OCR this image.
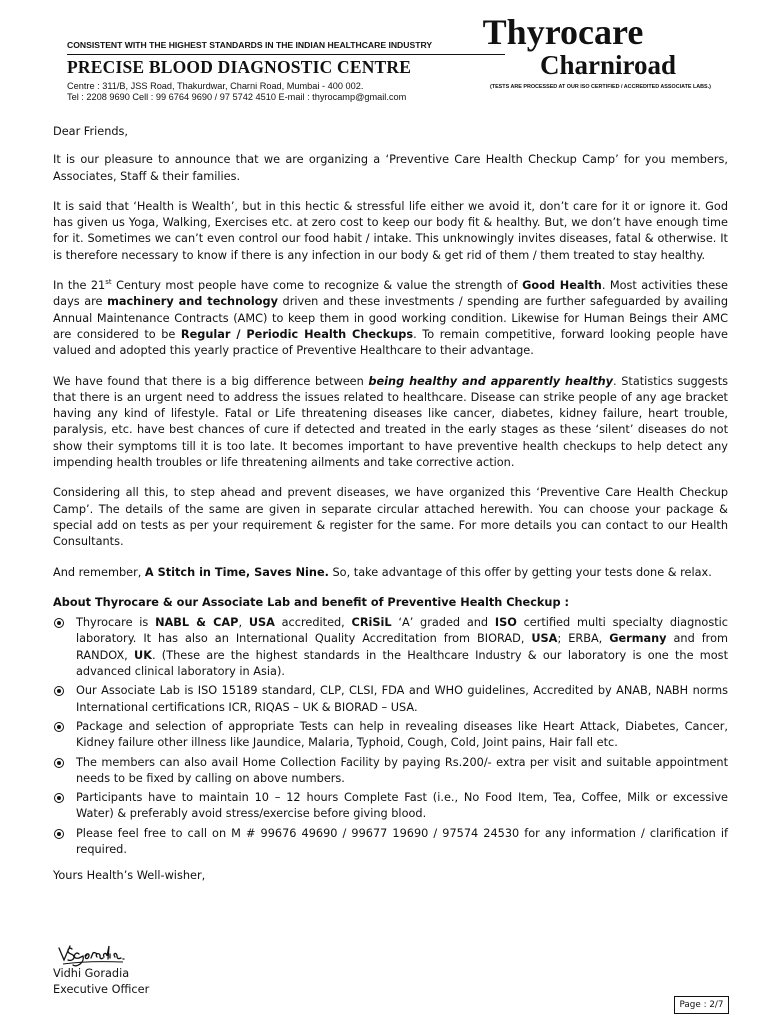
CONSISTENT WITH THE HIGHEST STANDARDS IN THE INDIAN HEALTHCARE INDUSTRY
PRECISE BLOOD DIAGNOSTIC CENTRE
Centre : 311/B, JSS Road, Thakurdwar, Charni Road, Mumbai - 400 002.
Tel : 2208 9690 Cell : 99 6764 9690 / 97 5742 4510 E-mail : thyrocamp@gmail.com
Thyrocare
Charniroad
(TESTS ARE PROCESSED AT OUR ISO CERTIFIED / ACCREDITED ASSOCIATE LABS.)

Dear Friends,

It is our pleasure to announce that we are organizing a ‘Preventive Care Health Checkup Camp’ for you members, Associates, Staff & their families.

It is said that ‘Health is Wealth’, but in this hectic & stressful life either we avoid it, don’t care for it or ignore it. God has given us Yoga, Walking, Exercises etc. at zero cost to keep our body fit & healthy. But, we don’t have enough time for it. Sometimes we can’t even control our food habit / intake. This unknowingly invites diseases, fatal & otherwise. It is therefore necessary to know if there is any infection in our body & get rid of them / them treated to stay healthy.

In the 21st Century most people have come to recognize & value the strength of Good Health. Most activities these days are machinery and technology driven and these investments / spending are further safeguarded by availing Annual Maintenance Contracts (AMC) to keep them in good working condition. Likewise for Human Beings their AMC are considered to be Regular / Periodic Health Checkups. To remain competitive, forward looking people have valued and adopted this yearly practice of Preventive Healthcare to their advantage.

We have found that there is a big difference between being healthy and apparently healthy. Statistics suggests that there is an urgent need to address the issues related to healthcare. Disease can strike people of any age bracket having any kind of lifestyle. Fatal or Life threatening diseases like cancer, diabetes, kidney failure, heart trouble, paralysis, etc. have best chances of cure if detected and treated in the early stages as these ‘silent’ diseases do not show their symptoms till it is too late. It becomes important to have preventive health checkups to help detect any impending health troubles or life threatening ailments and take corrective action.

Considering all this, to step ahead and prevent diseases, we have organized this ‘Preventive Care Health Checkup Camp’. The details of the same are given in separate circular attached herewith. You can choose your package & special add on tests as per your requirement & register for the same. For more details you can contact to our Health Consultants.

And remember, A Stitch in Time, Saves Nine. So, take advantage of this offer by getting your tests done & relax.

About Thyrocare & our Associate Lab and benefit of Preventive Health Checkup :

Thyrocare is NABL & CAP, USA accredited, CRiSiL ‘A’ graded and ISO certified multi specialty diagnostic laboratory. It has also an International Quality Accreditation from BIORAD, USA; ERBA, Germany and from RANDOX, UK. (These are the highest standards in the Healthcare Industry & our laboratory is one the most advanced clinical laboratory in Asia).
Our Associate Lab is ISO 15189 standard, CLP, CLSI, FDA and WHO guidelines, Accredited by ANAB, NABH norms International certifications ICR, RIQAS – UK & BIORAD – USA.
Package and selection of appropriate Tests can help in revealing diseases like Heart Attack, Diabetes, Cancer, Kidney failure other illness like Jaundice, Malaria, Typhoid, Cough, Cold, Joint pains, Hair fall etc.
The members can also avail Home Collection Facility by paying Rs.200/- extra per visit and suitable appointment needs to be fixed by calling on above numbers.
Participants have to maintain 10 – 12 hours Complete Fast (i.e., No Food Item, Tea, Coffee, Milk or excessive Water) & preferably avoid stress/exercise before giving blood.
Please feel free to call on M # 99676 49690 / 99677 19690 / 97574 24530 for any information / clarification if required.

Yours Health’s Well-wisher,

Vidhi Goradia
Executive Officer
Page : 2/7
